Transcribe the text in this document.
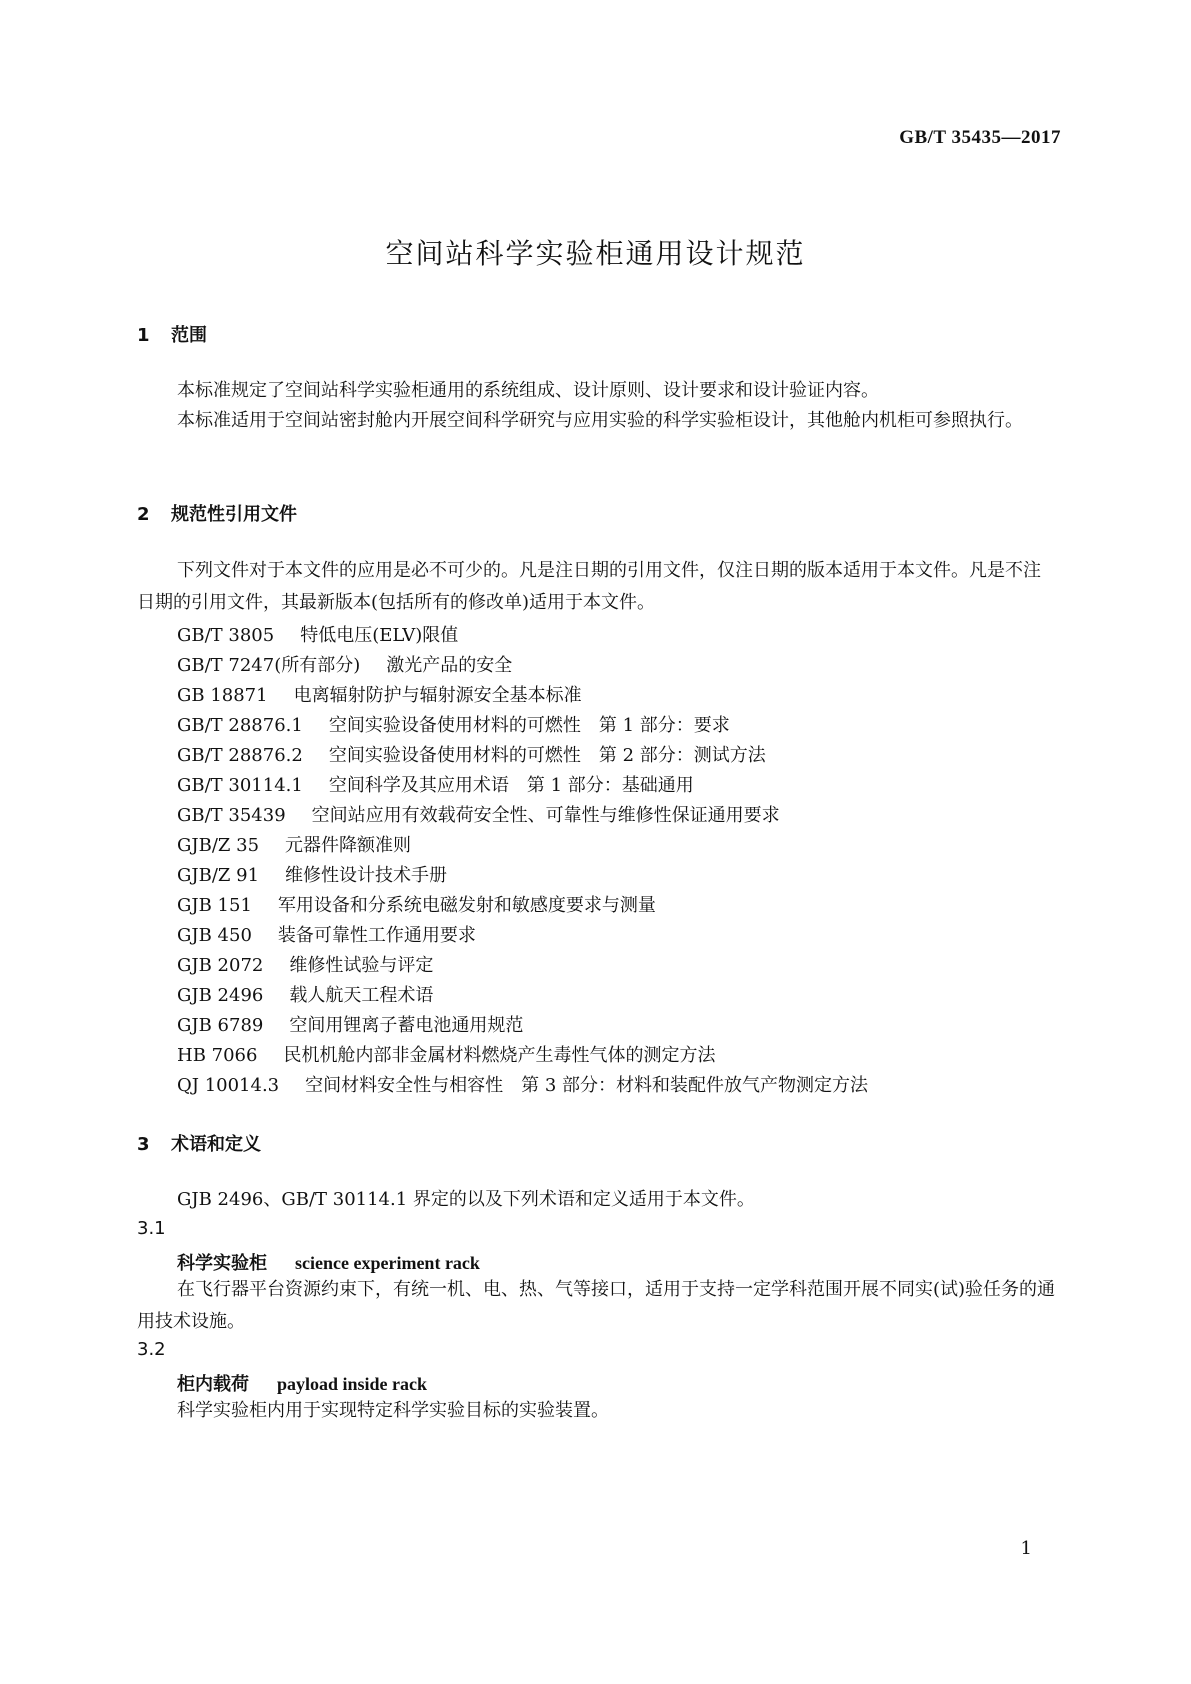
GB/T 35435—2017
空间站科学实验柜通用设计规范
1 范围
本标准规定了空间站科学实验柜通用的系统组成、设计原则、设计要求和设计验证内容。
本标准适用于空间站密封舱内开展空间科学研究与应用实验的科学实验柜设计，其他舱内机柜可参照执行。
2 规范性引用文件
下列文件对于本文件的应用是必不可少的。凡是注日期的引用文件，仅注日期的版本适用于本文件。凡是不注日期的引用文件，其最新版本(包括所有的修改单)适用于本文件。
GB/T 3805 特低电压(ELV)限值
GB/T 7247(所有部分) 激光产品的安全
GB 18871 电离辐射防护与辐射源安全基本标准
GB/T 28876.1 空间实验设备使用材料的可燃性　第 1 部分：要求
GB/T 28876.2 空间实验设备使用材料的可燃性　第 2 部分：测试方法
GB/T 30114.1 空间科学及其应用术语　第 1 部分：基础通用
GB/T 35439 空间站应用有效载荷安全性、可靠性与维修性保证通用要求
GJB/Z 35 元器件降额准则
GJB/Z 91 维修性设计技术手册
GJB 151 军用设备和分系统电磁发射和敏感度要求与测量
GJB 450 装备可靠性工作通用要求
GJB 2072 维修性试验与评定
GJB 2496 载人航天工程术语
GJB 6789 空间用锂离子蓄电池通用规范
HB 7066 民机机舱内部非金属材料燃烧产生毒性气体的测定方法
QJ 10014.3 空间材料安全性与相容性　第 3 部分：材料和装配件放气产物测定方法
3 术语和定义
GJB 2496、GB/T 30114.1 界定的以及下列术语和定义适用于本文件。
3.1
科学实验柜 science experiment rack
在飞行器平台资源约束下，有统一机、电、热、气等接口，适用于支持一定学科范围开展不同实(试)验任务的通用技术设施。
3.2
柜内载荷 payload inside rack
科学实验柜内用于实现特定科学实验目标的实验装置。
1
